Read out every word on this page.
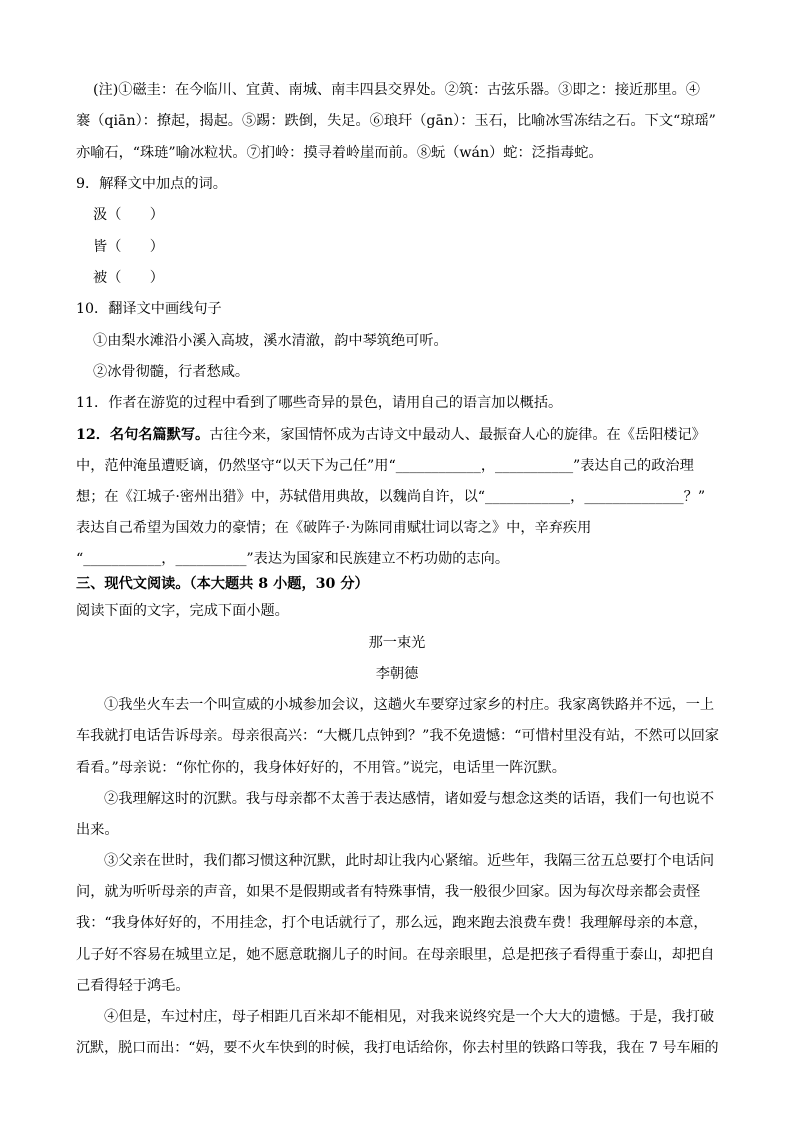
(注)①磁圭：在今临川、宜黄、南城、南丰四县交界处。②筑：古弦乐器。③即之：接近那里。④
褰（qiān）：撩起，揭起。⑤踢：跌倒，失足。⑥琅玕（gān）：玉石，比喻冰雪冻结之石。下文“琼瑶”
亦喻石，“珠琏”喻冰粒状。⑦扪岭：摸寻着岭崖而前。⑧蚖（wán）蛇：泛指毒蛇。
9．解释文中加点的词。
汲（　　）
皆（　　）
被（　　）
10．翻译文中画线句子
①由梨水滩沿小溪入高坡，溪水清澈，韵中琴筑绝可听。
②冰骨彻髓，行者愁咸。
11．作者在游览的过程中看到了哪些奇异的景色，请用自己的语言加以概括。
12．名句名篇默写。古往今来，家国情怀成为古诗文中最动人、最振奋人心的旋律。在《岳阳楼记》
中，范仲淹虽遭贬谪，仍然坚守“以天下为己任”用“____________，___________”表达自己的政治理
想；在《江城子·密州出猎》中，苏轼借用典故，以魏尚自许，以“____________，______________？”
表达自己希望为国效力的豪情；在《破阵子·为陈同甫赋壮词以寄之》中，辛弃疾用
“___________，__________”表达为国家和民族建立不朽功勋的志向。
三、现代文阅读。（本大题共 8 小题，30 分）
阅读下面的文字，完成下面小题。
那一束光
李朝德
①我坐火车去一个叫宣威的小城参加会议，这趟火车要穿过家乡的村庄。我家离铁路并不远，一上
车我就打电话告诉母亲。母亲很高兴：“大概几点钟到？”我不免遗憾：“可惜村里没有站，不然可以回家
看看。”母亲说：“你忙你的，我身体好好的，不用管。”说完，电话里一阵沉默。
②我理解这时的沉默。我与母亲都不太善于表达感情，诸如爱与想念这类的话语，我们一句也说不
出来。
③父亲在世时，我们都习惯这种沉默，此时却让我内心紧缩。近些年，我隔三岔五总要打个电话问
问，就为听听母亲的声音，如果不是假期或者有特殊事情，我一般很少回家。因为每次母亲都会责怪
我：“我身体好好的，不用挂念，打个电话就行了，那么远，跑来跑去浪费车费！我理解母亲的本意，
儿子好不容易在城里立足，她不愿意耽搁儿子的时间。在母亲眼里，总是把孩子看得重于泰山，却把自
己看得轻于鸿毛。
④但是，车过村庄，母子相距几百米却不能相见，对我来说终究是一个大大的遗憾。于是，我打破
沉默，脱口而出：“妈，要不火车快到的时候，我打电话给你，你去村里的铁路口等我，我在 7 号车厢的
